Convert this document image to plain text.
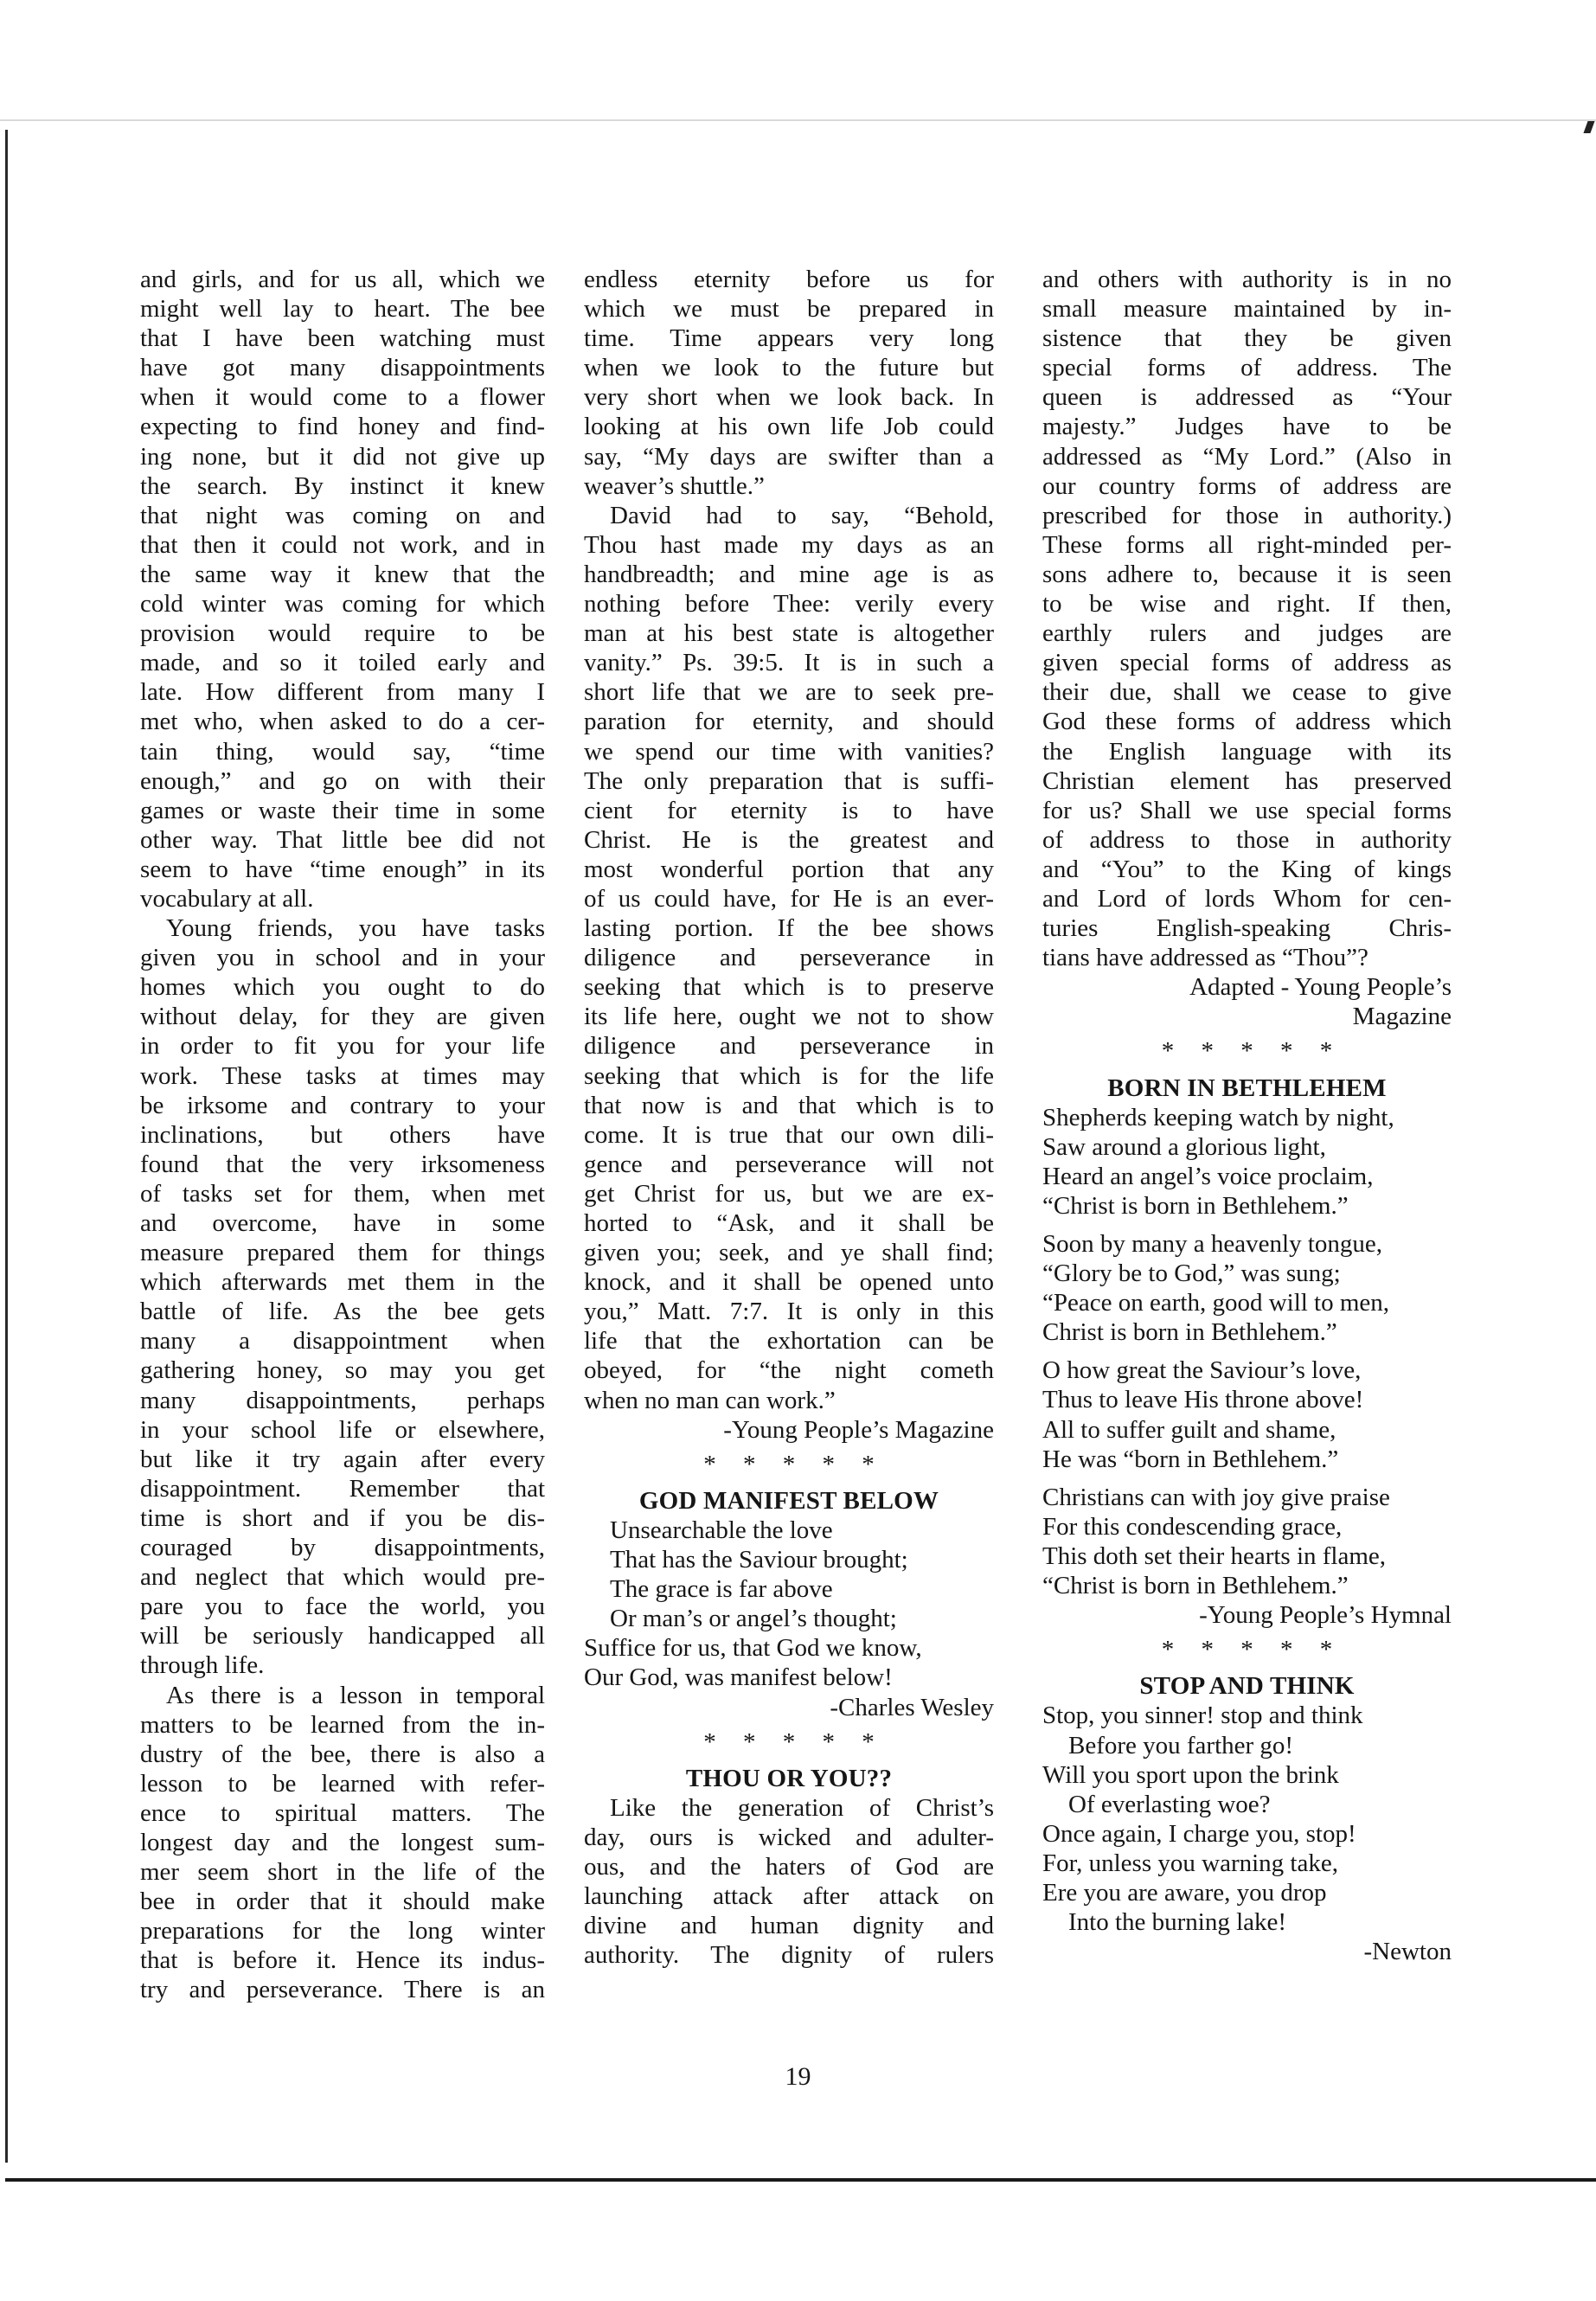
and girls, and for us all, which we
might well lay to heart. The bee
that I have been watching must
have got many disappointments
when it would come to a flower
expecting to find honey and find-
ing none, but it did not give up
the search. By instinct it knew
that night was coming on and
that then it could not work, and in
the same way it knew that the
cold winter was coming for which
provision would require to be
made, and so it toiled early and
late. How different from many I
met who, when asked to do a cer-
tain thing, would say, “time
enough,” and go on with their
games or waste their time in some
other way. That little bee did not
seem to have “time enough” in its
vocabulary at all.
Young friends, you have tasks
given you in school and in your
homes which you ought to do
without delay, for they are given
in order to fit you for your life
work. These tasks at times may
be irksome and contrary to your
inclinations, but others have
found that the very irksomeness
of tasks set for them, when met
and overcome, have in some
measure prepared them for things
which afterwards met them in the
battle of life. As the bee gets
many a disappointment when
gathering honey, so may you get
many disappointments, perhaps
in your school life or elsewhere,
but like it try again after every
disappointment. Remember that
time is short and if you be dis-
couraged by disappointments,
and neglect that which would pre-
pare you to face the world, you
will be seriously handicapped all
through life.
As there is a lesson in temporal
matters to be learned from the in-
dustry of the bee, there is also a
lesson to be learned with refer-
ence to spiritual matters. The
longest day and the longest sum-
mer seem short in the life of the
bee in order that it should make
preparations for the long winter
that is before it. Hence its indus-
try and perseverance. There is an
endless eternity before us for
which we must be prepared in
time. Time appears very long
when we look to the future but
very short when we look back. In
looking at his own life Job could
say, “My days are swifter than a
weaver’s shuttle.”
David had to say, “Behold,
Thou hast made my days as an
handbreadth; and mine age is as
nothing before Thee: verily every
man at his best state is altogether
vanity.” Ps. 39:5. It is in such a
short life that we are to seek pre-
paration for eternity, and should
we spend our time with vanities?
The only preparation that is suffi-
cient for eternity is to have
Christ. He is the greatest and
most wonderful portion that any
of us could have, for He is an ever-
lasting portion. If the bee shows
diligence and perseverance in
seeking that which is to preserve
its life here, ought we not to show
diligence and perseverance in
seeking that which is for the life
that now is and that which is to
come. It is true that our own dili-
gence and perseverance will not
get Christ for us, but we are ex-
horted to “Ask, and it shall be
given you; seek, and ye shall find;
knock, and it shall be opened unto
you,” Matt. 7:7. It is only in this
life that the exhortation can be
obeyed, for “the night cometh
when no man can work.”
-Young People’s Magazine
* * * * *
GOD MANIFEST BELOW
Unsearchable the love
That has the Saviour brought;
The grace is far above
Or man’s or angel’s thought;
Suffice for us, that God we know,
Our God, was manifest below!
-Charles Wesley
* * * * *
THOU OR YOU??
Like the generation of Christ’s
day, ours is wicked and adulter-
ous, and the haters of God are
launching attack after attack on
divine and human dignity and
authority. The dignity of rulers
and others with authority is in no
small measure maintained by in-
sistence that they be given
special forms of address. The
queen is addressed as “Your
majesty.” Judges have to be
addressed as “My Lord.” (Also in
our country forms of address are
prescribed for those in authority.)
These forms all right-minded per-
sons adhere to, because it is seen
to be wise and right. If then,
earthly rulers and judges are
given special forms of address as
their due, shall we cease to give
God these forms of address which
the English language with its
Christian element has preserved
for us? Shall we use special forms
of address to those in authority
and “You” to the King of kings
and Lord of lords Whom for cen-
turies English-speaking Chris-
tians have addressed as “Thou”?
Adapted - Young People’s
Magazine
* * * * *
BORN IN BETHLEHEM
Shepherds keeping watch by night,
Saw around a glorious light,
Heard an angel’s voice proclaim,
“Christ is born in Bethlehem.”
Soon by many a heavenly tongue,
“Glory be to God,” was sung;
“Peace on earth, good will to men,
Christ is born in Bethlehem.”
O how great the Saviour’s love,
Thus to leave His throne above!
All to suffer guilt and shame,
He was “born in Bethlehem.”
Christians can with joy give praise
For this condescending grace,
This doth set their hearts in flame,
“Christ is born in Bethlehem.”
-Young People’s Hymnal
* * * * *
STOP AND THINK
Stop, you sinner! stop and think
Before you farther go!
Will you sport upon the brink
Of everlasting woe?
Once again, I charge you, stop!
For, unless you warning take,
Ere you are aware, you drop
Into the burning lake!
-Newton
19
